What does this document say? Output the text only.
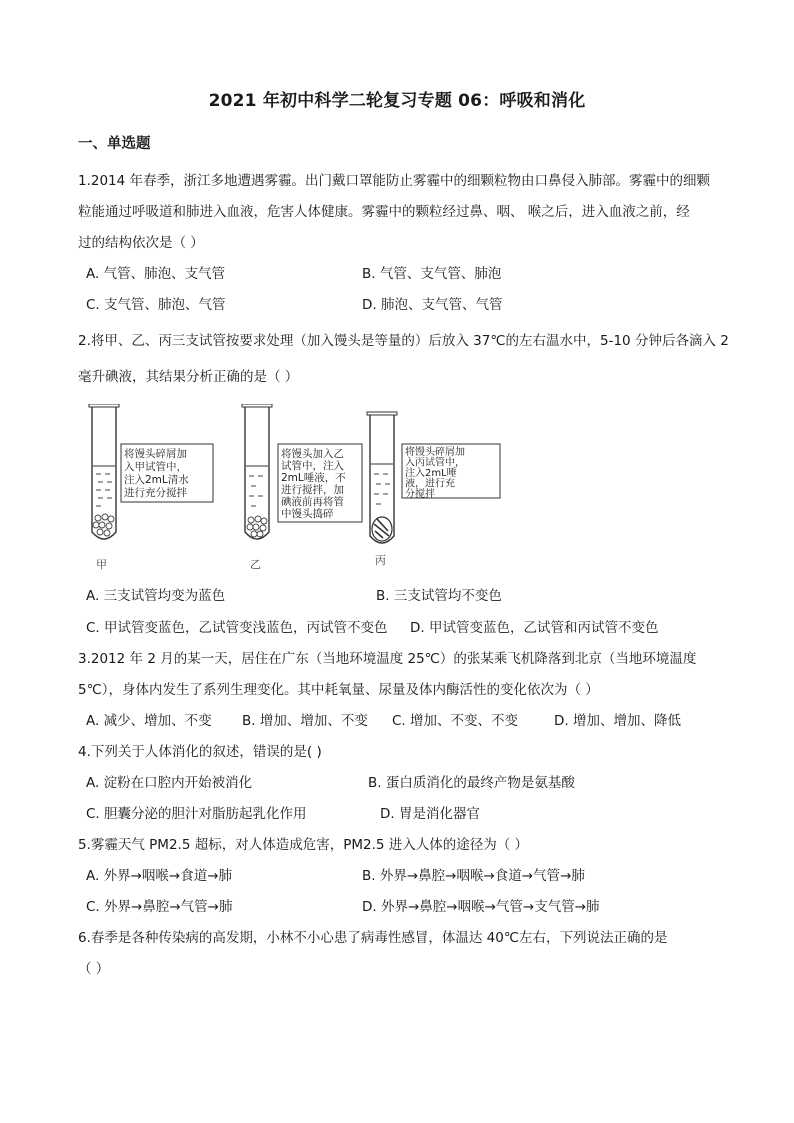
2021 年初中科学二轮复习专题 06：呼吸和消化
一、单选题
1.2014 年春季，浙江多地遭遇雾霾。出门戴口罩能防止雾霾中的细颗粒物由口鼻侵入肺部。雾霾中的细颗
粒能通过呼吸道和肺进入血液，危害人体健康。雾霾中的颗粒经过鼻、咽、 喉之后，进入血液之前，经
过的结构依次是（ ）
A. 气管、肺泡、支气管	B. 气管、支气管、肺泡
C. 支气管、肺泡、气管	D. 肺泡、支气管、气管
2.将甲、乙、丙三支试管按要求处理（加入馒头是等量的）后放入 37℃的左右温水中，5-10 分钟后各滴入 2
毫升碘液，其结果分析正确的是（ ）
将馒头碎屑加
入甲试管中，
注入2mL清水
进行充分搅拌
甲
将馒头加入乙
试管中，注入
2mL唾液，不
进行搅拌，加
碘液前再将管
中馒头捣碎
乙
将馒头碎屑加
入丙试管中，
注入2mL唾
液，进行充
分搅拌
丙
A. 三支试管均变为蓝色	B. 三支试管均不变色
C. 甲试管变蓝色，乙试管变浅蓝色，丙试管不变色 D. 甲试管变蓝色，乙试管和丙试管不变色
3.2012 年 2 月的某一天，居住在广东（当地环境温度 25℃）的张某乘飞机降落到北京（当地环境温度
5℃），身体内发生了系列生理变化。其中耗氧量、尿量及体内酶活性的变化依次为（ ）
A. 减少、增加、不变 B. 增加、增加、不变 C. 增加、不变、不变	D. 增加、增加、降低
4.下列关于人体消化的叙述，错误的是( )
A. 淀粉在口腔内开始被消化	B. 蛋白质消化的最终产物是氨基酸
C. 胆囊分泌的胆汁对脂肪起乳化作用	D. 胃是消化器官
5.雾霾天气 PM2.5 超标，对人体造成危害，PM2.5 进入人体的途径为（ ）
A. 外界→咽喉→食道→肺	B. 外界→鼻腔→咽喉→食道→气管→肺
C. 外界→鼻腔→气管→肺	D. 外界→鼻腔→咽喉→气管→支气管→肺
6.春季是各种传染病的高发期，小林不小心患了病毒性感冒，体温达 40℃左右，下列说法正确的是
（ ）
